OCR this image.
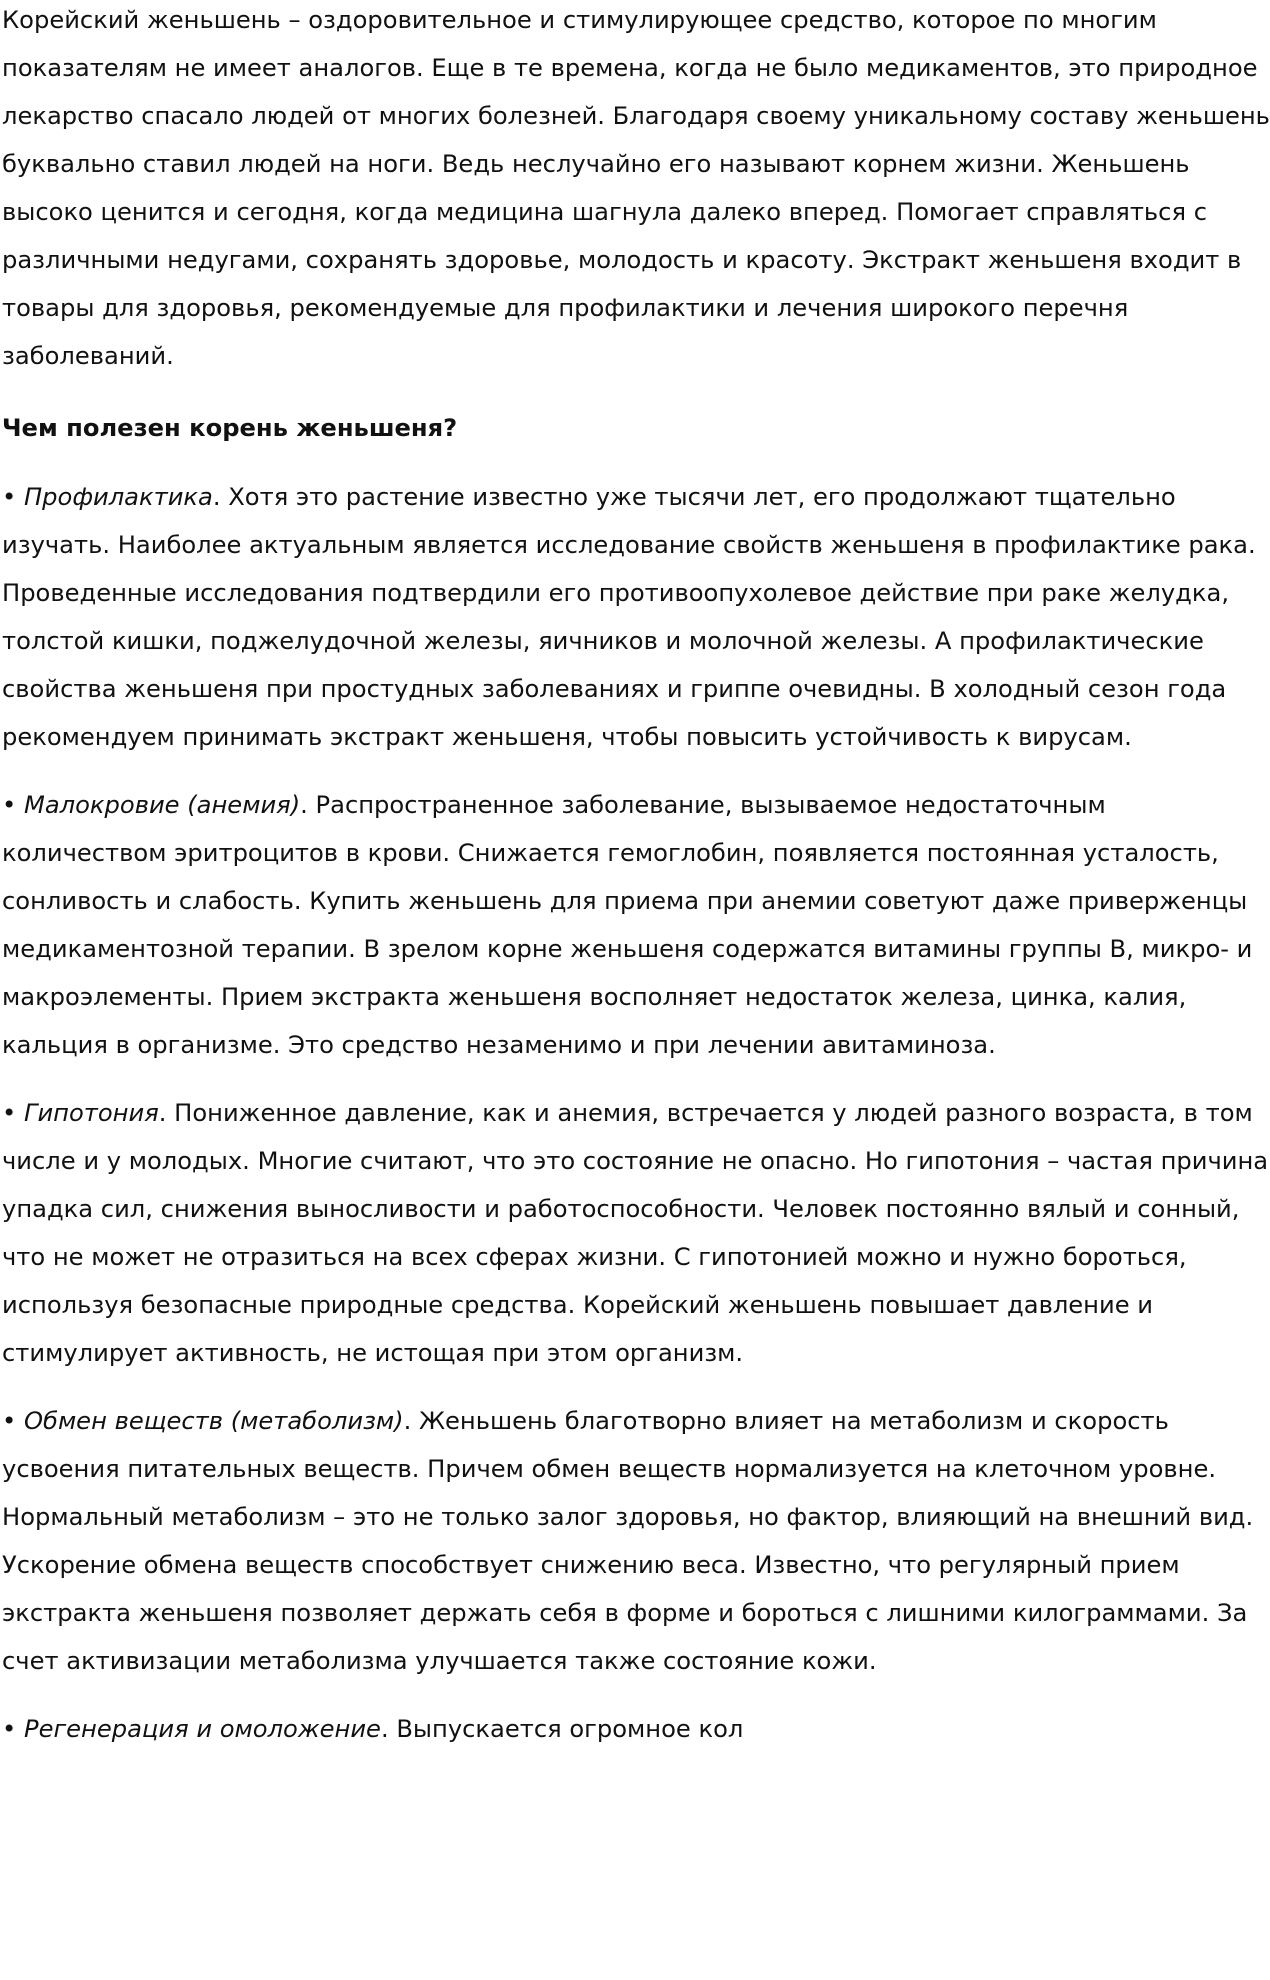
Корейский женьшень – оздоровительное и стимулирующее средство, которое по многим показателям не имеет аналогов. Еще в те времена, когда не было медикаментов, это природное лекарство спасало людей от многих болезней. Благодаря своему уникальному составу женьшень буквально ставил людей на ноги. Ведь неслучайно его называют корнем жизни. Женьшень высоко ценится и сегодня, когда медицина шагнула далеко вперед. Помогает справляться с различными недугами, сохранять здоровье, молодость и красоту. Экстракт женьшеня входит в товары для здоровья, рекомендуемые для профилактики и лечения широкого перечня заболеваний.

Чем полезен корень женьшеня?

• Профилактика. Хотя это растение известно уже тысячи лет, его продолжают тщательно изучать. Наиболее актуальным является исследование свойств женьшеня в профилактике рака. Проведенные исследования подтвердили его противоопухолевое действие при раке желудка, толстой кишки, поджелудочной железы, яичников и молочной железы. А профилактические свойства женьшеня при простудных заболеваниях и гриппе очевидны. В холодный сезон года рекомендуем принимать экстракт женьшеня, чтобы повысить устойчивость к вирусам.

• Малокровие (анемия). Распространенное заболевание, вызываемое недостаточным количеством эритроцитов в крови. Снижается гемоглобин, появляется постоянная усталость, сонливость и слабость. Купить женьшень для приема при анемии советуют даже приверженцы медикаментозной терапии. В зрелом корне женьшеня содержатся витамины группы В, микро- и макроэлементы. Прием экстракта женьшеня восполняет недостаток железа, цинка, калия, кальция в организме. Это средство незаменимо и при лечении авитаминоза.

• Гипотония. Пониженное давление, как и анемия, встречается у людей разного возраста, в том числе и у молодых. Многие считают, что это состояние не опасно. Но гипотония – частая причина упадка сил, снижения выносливости и работоспособности. Человек постоянно вялый и сонный, что не может не отразиться на всех сферах жизни. С гипотонией можно и нужно бороться, используя безопасные природные средства. Корейский женьшень повышает давление и стимулирует активность, не истощая при этом организм.

• Обмен веществ (метаболизм). Женьшень благотворно влияет на метаболизм и скорость усвоения питательных веществ. Причем обмен веществ нормализуется на клеточном уровне. Нормальный метаболизм – это не только залог здоровья, но фактор, влияющий на внешний вид. Ускорение обмена веществ способствует снижению веса. Известно, что регулярный прием экстракта женьшеня позволяет держать себя в форме и бороться с лишними килограммами. За счет активизации метаболизма улучшается также состояние кожи.

• Регенерация и омоложение. Выпускается огромное кол
